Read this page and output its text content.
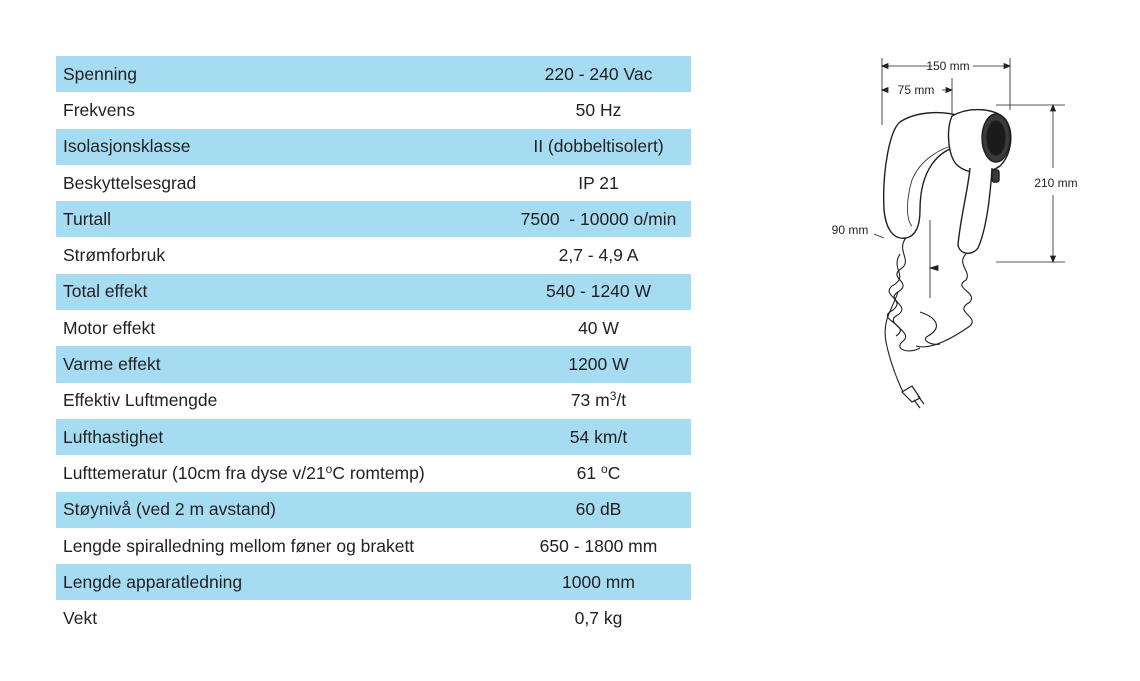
Spenning	220 - 240 Vac
Frekvens	50 Hz
Isolasjonsklasse	II (dobbeltisolert)
Beskyttelsesgrad	IP 21
Turtall	7500  - 10000 o/min
Strømforbruk	2,7 - 4,9 A
Total effekt	540 - 1240 W
Motor effekt	40 W
Varme effekt	1200 W
Effektiv Luftmengde	73 $m^3/t$
Lufthastighet	54 km/t
Lufttemeratur (10cm fra dyse v/21$^o$C romtemp)	61 $^o$C
Støynivå (ved 2 m avstand)	60 dB
Lengde spiralledning mellom føner og brakett	650 - 1800 mm
Lengde apparatledning	1000 mm
Vekt	0,7 kg
150 mm
75 mm
210 mm
90 mm
